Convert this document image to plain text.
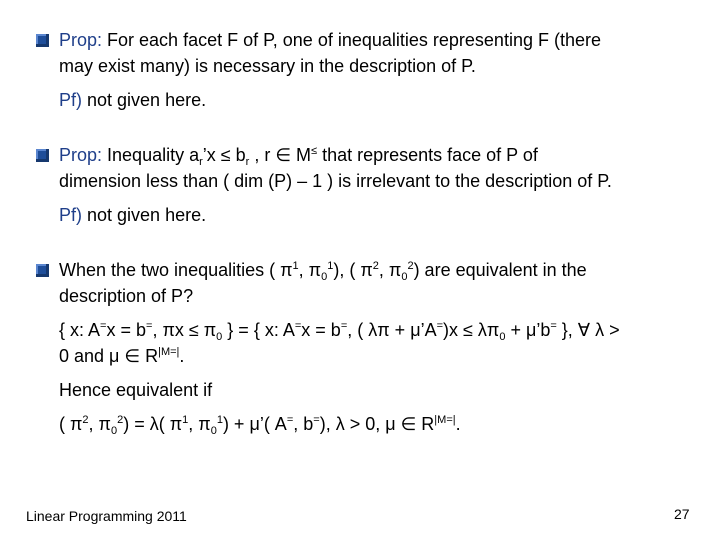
Prop: For each facet F of P, one of inequalities representing F (there
may exist many) is necessary in the description of P.
Pf) not given here.
Prop: Inequality $a_r’x \le b_r$ , r ∈ M≤ that represents face of P of
dimension less than ( dim (P) – 1 ) is irrelevant to the description of P.
Pf) not given here.
When the two inequalities ( $\pi^1$, $\pi_0^1$), ( $\pi^2$, $\pi_0^2$) are equivalent in the
description of P?
{ x: A=x = b=, $\pi x \le \pi_0$ } = { x: A=x = b=, ( λπ + μ’A=)x ≤ $\lambda\pi_0$ + μ’b= }, ∀ λ >
0 and μ ∈ $R^{|M=|}$.
Hence equivalent if
( $\pi^2$, $\pi_0^2) = \lambda$( $\pi^1$, $\pi_0^1$) + μ’( A=, b=), λ > 0, μ ∈ $R^{|M=|}$.
Linear Programming 2011	27
